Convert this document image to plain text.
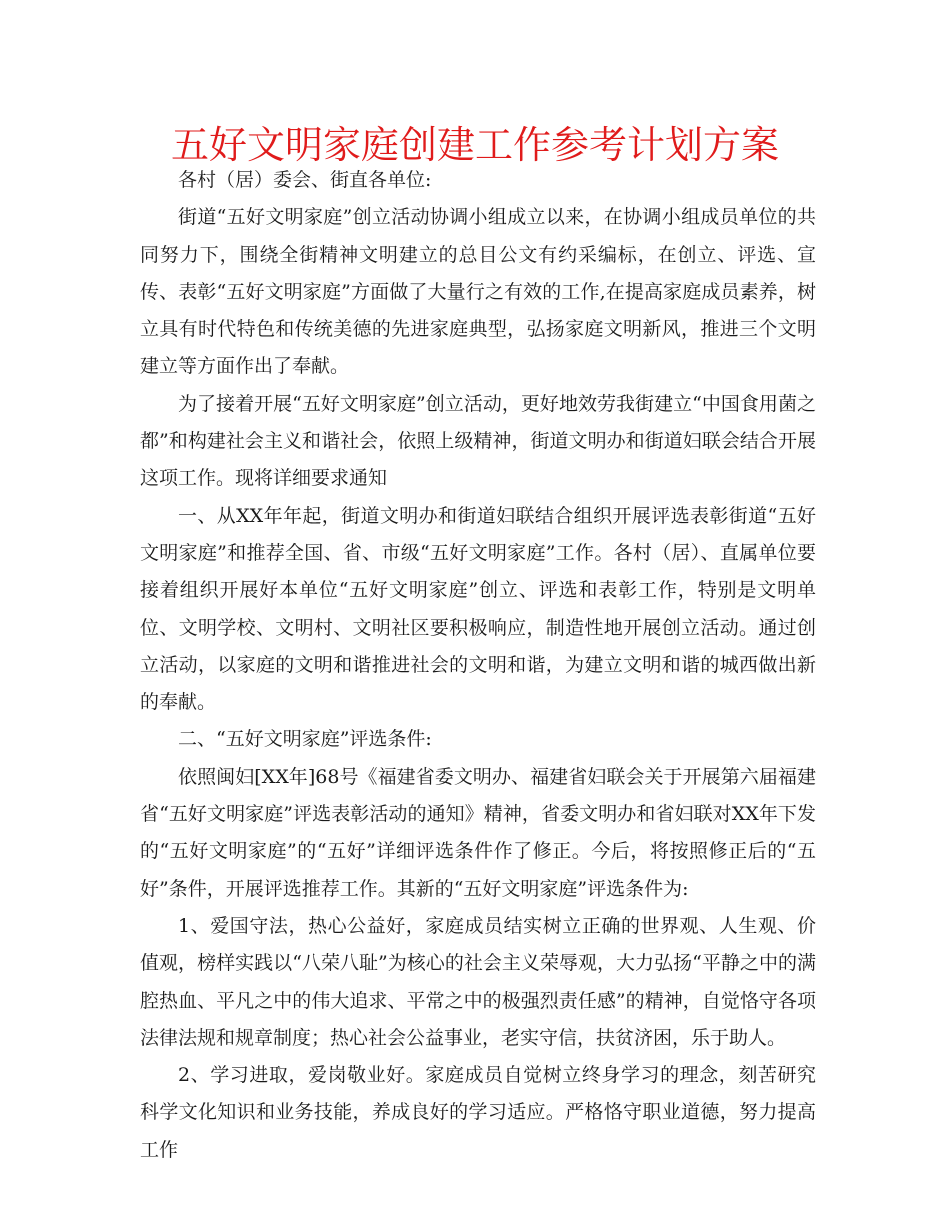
五好文明家庭创建工作参考计划方案

各村（居）委会、街直各单位:

街道“五好文明家庭”创立活动协调小组成立以来，在协调小组成员单位的共同努力下，围绕全街精神文明建立的总目公文有约采编标，在创立、评选、宣传、表彰“五好文明家庭”方面做了大量行之有效的工作,在提高家庭成员素养，树立具有时代特色和传统美德的先进家庭典型，弘扬家庭文明新风，推进三个文明建立等方面作出了奉献。

为了接着开展“五好文明家庭”创立活动，更好地效劳我街建立“中国食用菌之都”和构建社会主义和谐社会，依照上级精神，街道文明办和街道妇联会结合开展这项工作。现将详细要求通知

一、从XX年年起，街道文明办和街道妇联结合组织开展评选表彰街道“五好文明家庭”和推荐全国、省、市级“五好文明家庭”工作。各村（居）、直属单位要接着组织开展好本单位“五好文明家庭”创立、评选和表彰工作，特别是文明单位、文明学校、文明村、文明社区要积极响应，制造性地开展创立活动。通过创立活动，以家庭的文明和谐推进社会的文明和谐，为建立文明和谐的城西做出新的奉献。

二、“五好文明家庭”评选条件:

依照闽妇[XX年]68号《福建省委文明办、福建省妇联会关于开展第六届福建省“五好文明家庭”评选表彰活动的通知》精神，省委文明办和省妇联对XX年下发的“五好文明家庭”的“五好”详细评选条件作了修正。今后，将按照修正后的“五好”条件，开展评选推荐工作。其新的“五好文明家庭”评选条件为:

1、爱国守法，热心公益好，家庭成员结实树立正确的世界观、人生观、价值观，榜样实践以“八荣八耻”为核心的社会主义荣辱观，大力弘扬“平静之中的满腔热血、平凡之中的伟大追求、平常之中的极强烈责任感”的精神，自觉恪守各项法律法规和规章制度；热心社会公益事业，老实守信，扶贫济困，乐于助人。

2、学习进取，爱岗敬业好。家庭成员自觉树立终身学习的理念，刻苦研究科学文化知识和业务技能，养成良好的学习适应。严格恪守职业道德，努力提高工作
